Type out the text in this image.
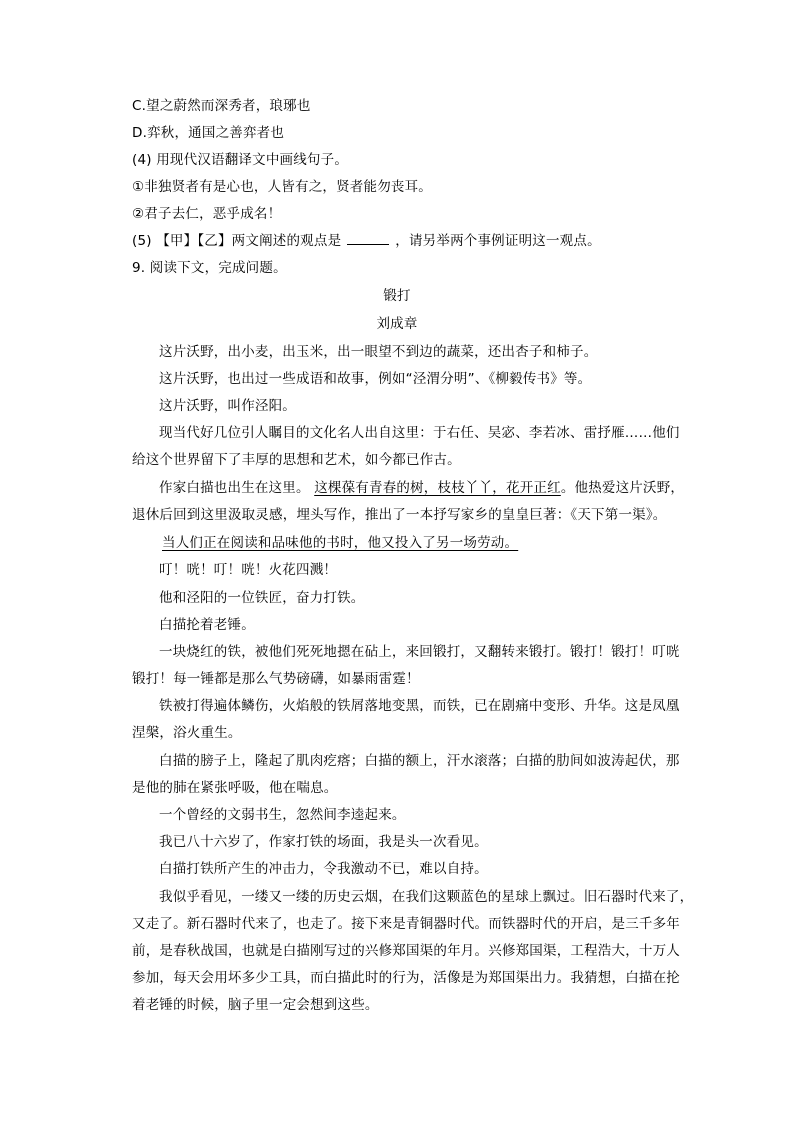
C.望之蔚然而深秀者，琅琊也
D.弈秋，通国之善弈者也
(4) 用现代汉语翻译文中画线句子。
①非独贤者有是心也，人皆有之，贤者能勿丧耳。
②君子去仁，恶乎成名！
(5) 【甲】【乙】两文阐述的观点是	，请另举两个事例证明这一观点。
9. 阅读下文，完成问题。
锻打
刘成章
这片沃野，出小麦，出玉米，出一眼望不到边的蔬菜，还出杏子和柿子。
这片沃野，也出过一些成语和故事，例如“泾渭分明”、《柳毅传书》等。
这片沃野，叫作泾阳。
现当代好几位引人瞩目的文化名人出自这里：于右任、吴宓、李若冰、雷抒雁……他们
给这个世界留下了丰厚的思想和艺术，如今都已作古。
作家白描也出生在这里。 这棵葆有青春的树，枝枝丫丫，花开正红。他热爱这片沃野，
退休后回到这里汲取灵感，埋头写作，推出了一本抒写家乡的皇皇巨著：《天下第一渠》。
当人们正在阅读和品味他的书时，他又投入了另一场劳动。
叮！咣！叮！咣！火花四溅！
他和泾阳的一位铁匠，奋力打铁。
白描抡着老锤。
一块烧红的铁，被他们死死地摁在砧上，来回锻打，又翻转来锻打。锻打！锻打！叮咣
锻打！每一锤都是那么气势磅礴，如暴雨雷霆！
铁被打得遍体鳞伤，火焰般的铁屑落地变黑，而铁，已在剧痛中变形、升华。这是凤凰
涅槃，浴火重生。
白描的膀子上，隆起了肌肉疙瘩；白描的额上，汗水滚落；白描的肋间如波涛起伏，那
是他的肺在紧张呼吸，他在喘息。
一个曾经的文弱书生，忽然间李逵起来。
我已八十六岁了，作家打铁的场面，我是头一次看见。
白描打铁所产生的冲击力，令我激动不已，难以自持。
我似乎看见，一缕又一缕的历史云烟，在我们这颗蓝色的星球上飘过。旧石器时代来了，
又走了。新石器时代来了，也走了。接下来是青铜器时代。而铁器时代的开启，是三千多年
前，是春秋战国，也就是白描刚写过的兴修郑国渠的年月。兴修郑国渠，工程浩大，十万人
参加，每天会用坏多少工具，而白描此时的行为，活像是为郑国渠出力。我猜想，白描在抡
着老锤的时候，脑子里一定会想到这些。
